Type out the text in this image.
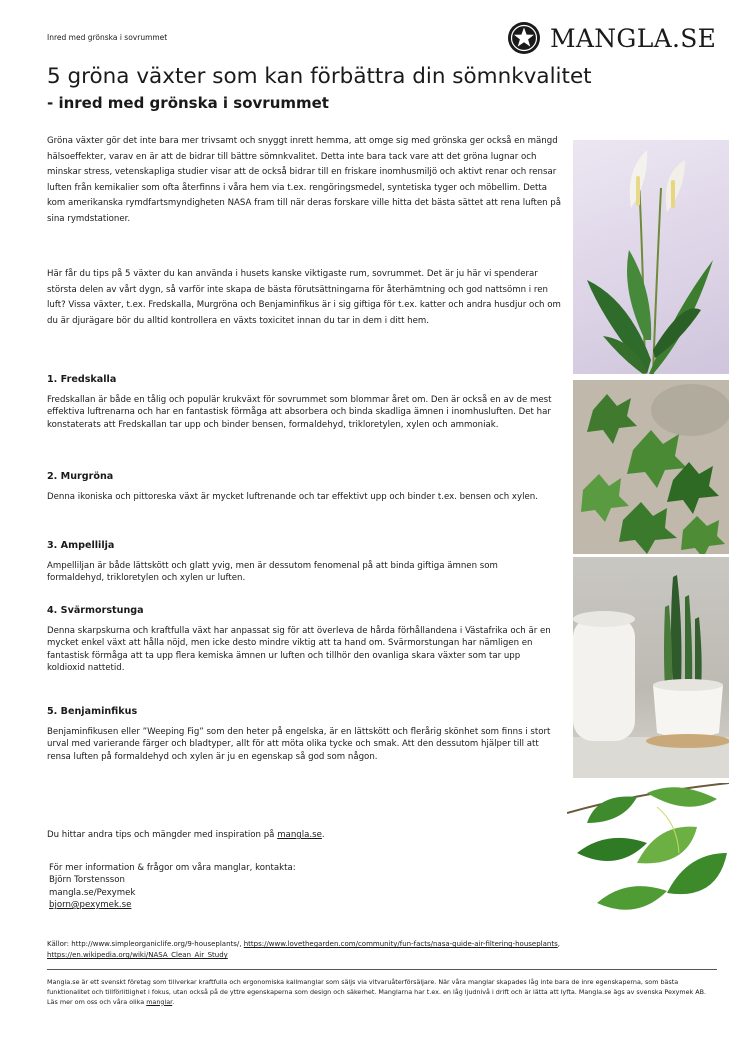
Inred med grönska i sovrummet	MANGLA.SE
5 gröna växter som kan förbättra din sömnkvalitet
- inred med grönska i sovrummet

Gröna växter gör det inte bara mer trivsamt och snyggt inrett hemma, att omge sig med grönska ger också en mängd hälsoeffekter, varav en är att de bidrar till bättre sömnkvalitet. Detta inte bara tack vare att det gröna lugnar och minskar stress, vetenskapliga studier visar att de också bidrar till en friskare inomhusmiljö och aktivt renar och rensar luften från kemikalier som ofta återfinns i våra hem via t.ex. rengöringsmedel, syntetiska tyger och möbellim. Detta kom amerikanska rymdfartsmyndigheten NASA fram till när deras forskare ville hitta det bästa sättet att rena luften på sina rymdstationer.

Här får du tips på 5 växter du kan använda i husets kanske viktigaste rum, sovrummet. Det är ju här vi spenderar största delen av vårt dygn, så varför inte skapa de bästa förutsättningarna för återhämtning och god nattsömn i ren luft? Vissa växter, t.ex. Fredskalla, Murgröna och Benjaminfikus är i sig giftiga för t.ex. katter och andra husdjur och om du är djurägare bör du alltid kontrollera en växts toxicitet innan du tar in dem i ditt hem.

1. Fredskalla

Fredskallan är både en tålig och populär krukväxt för sovrummet som blommar året om. Den är också en av de mest effektiva luftrenarna och har en fantastisk förmåga att absorbera och binda skadliga ämnen i inomhusluften. Det har konstaterats att Fredskallan tar upp och binder bensen, formaldehyd, trikloretylen, xylen och ammoniak.

2. Murgröna

Denna ikoniska och pittoreska växt är mycket luftrenande och tar effektivt upp och binder t.ex. bensen och xylen.

3. Ampellilja

Ampelliljan är både lättskött och glatt yvig, men är dessutom fenomenal på att binda giftiga ämnen som formaldehyd, trikloretylen och xylen ur luften.

4. Svärmorstunga

Denna skarpskurna och kraftfulla växt har anpassat sig för att överleva de hårda förhållandena i Västafrika och är en mycket enkel växt att hålla nöjd, men icke desto mindre viktig att ta hand om. Svärmorstungan har nämligen en fantastisk förmåga att ta upp flera kemiska ämnen ur luften och tillhör den ovanliga skara växter som tar upp koldioxid nattetid.

5. Benjaminfikus

Benjaminfikusen eller ”Weeping Fig” som den heter på engelska, är en lättskött och flerårig skönhet som finns i stort urval med varierande färger och bladtyper, allt för att möta olika tycke och smak. Att den dessutom hjälper till att rensa luften på formaldehyd och xylen är ju en egenskap så god som någon.

Du hittar andra tips och mängder med inspiration på mangla.se.
För mer information & frågor om våra manglar, kontakta:
Björn Torstensson
mangla.se/Pexymek
bjorn@pexymek.se
Källor: http://www.simpleorganiclife.org/9-houseplants/, https://www.lovethegarden.com/community/fun-facts/nasa-guide-air-filtering-houseplants, https://en.wikipedia.org/wiki/NASA_Clean_Air_Study
Mangla.se är ett svenskt företag som tillverkar kraftfulla och ergonomiska kallmanglar som säljs via vitvaruåterförsäljare. När våra manglar skapades låg inte bara de inre egenskaperna, som bästa funktionalitet och tillförlitlighet i fokus, utan också på de yttre egenskaperna som design och säkerhet. Manglarna har t.ex. en låg ljudnivå i drift och är lätta att lyfta. Mangla.se ägs av svenska Pexymek AB. Läs mer om oss och våra olika manglar.
